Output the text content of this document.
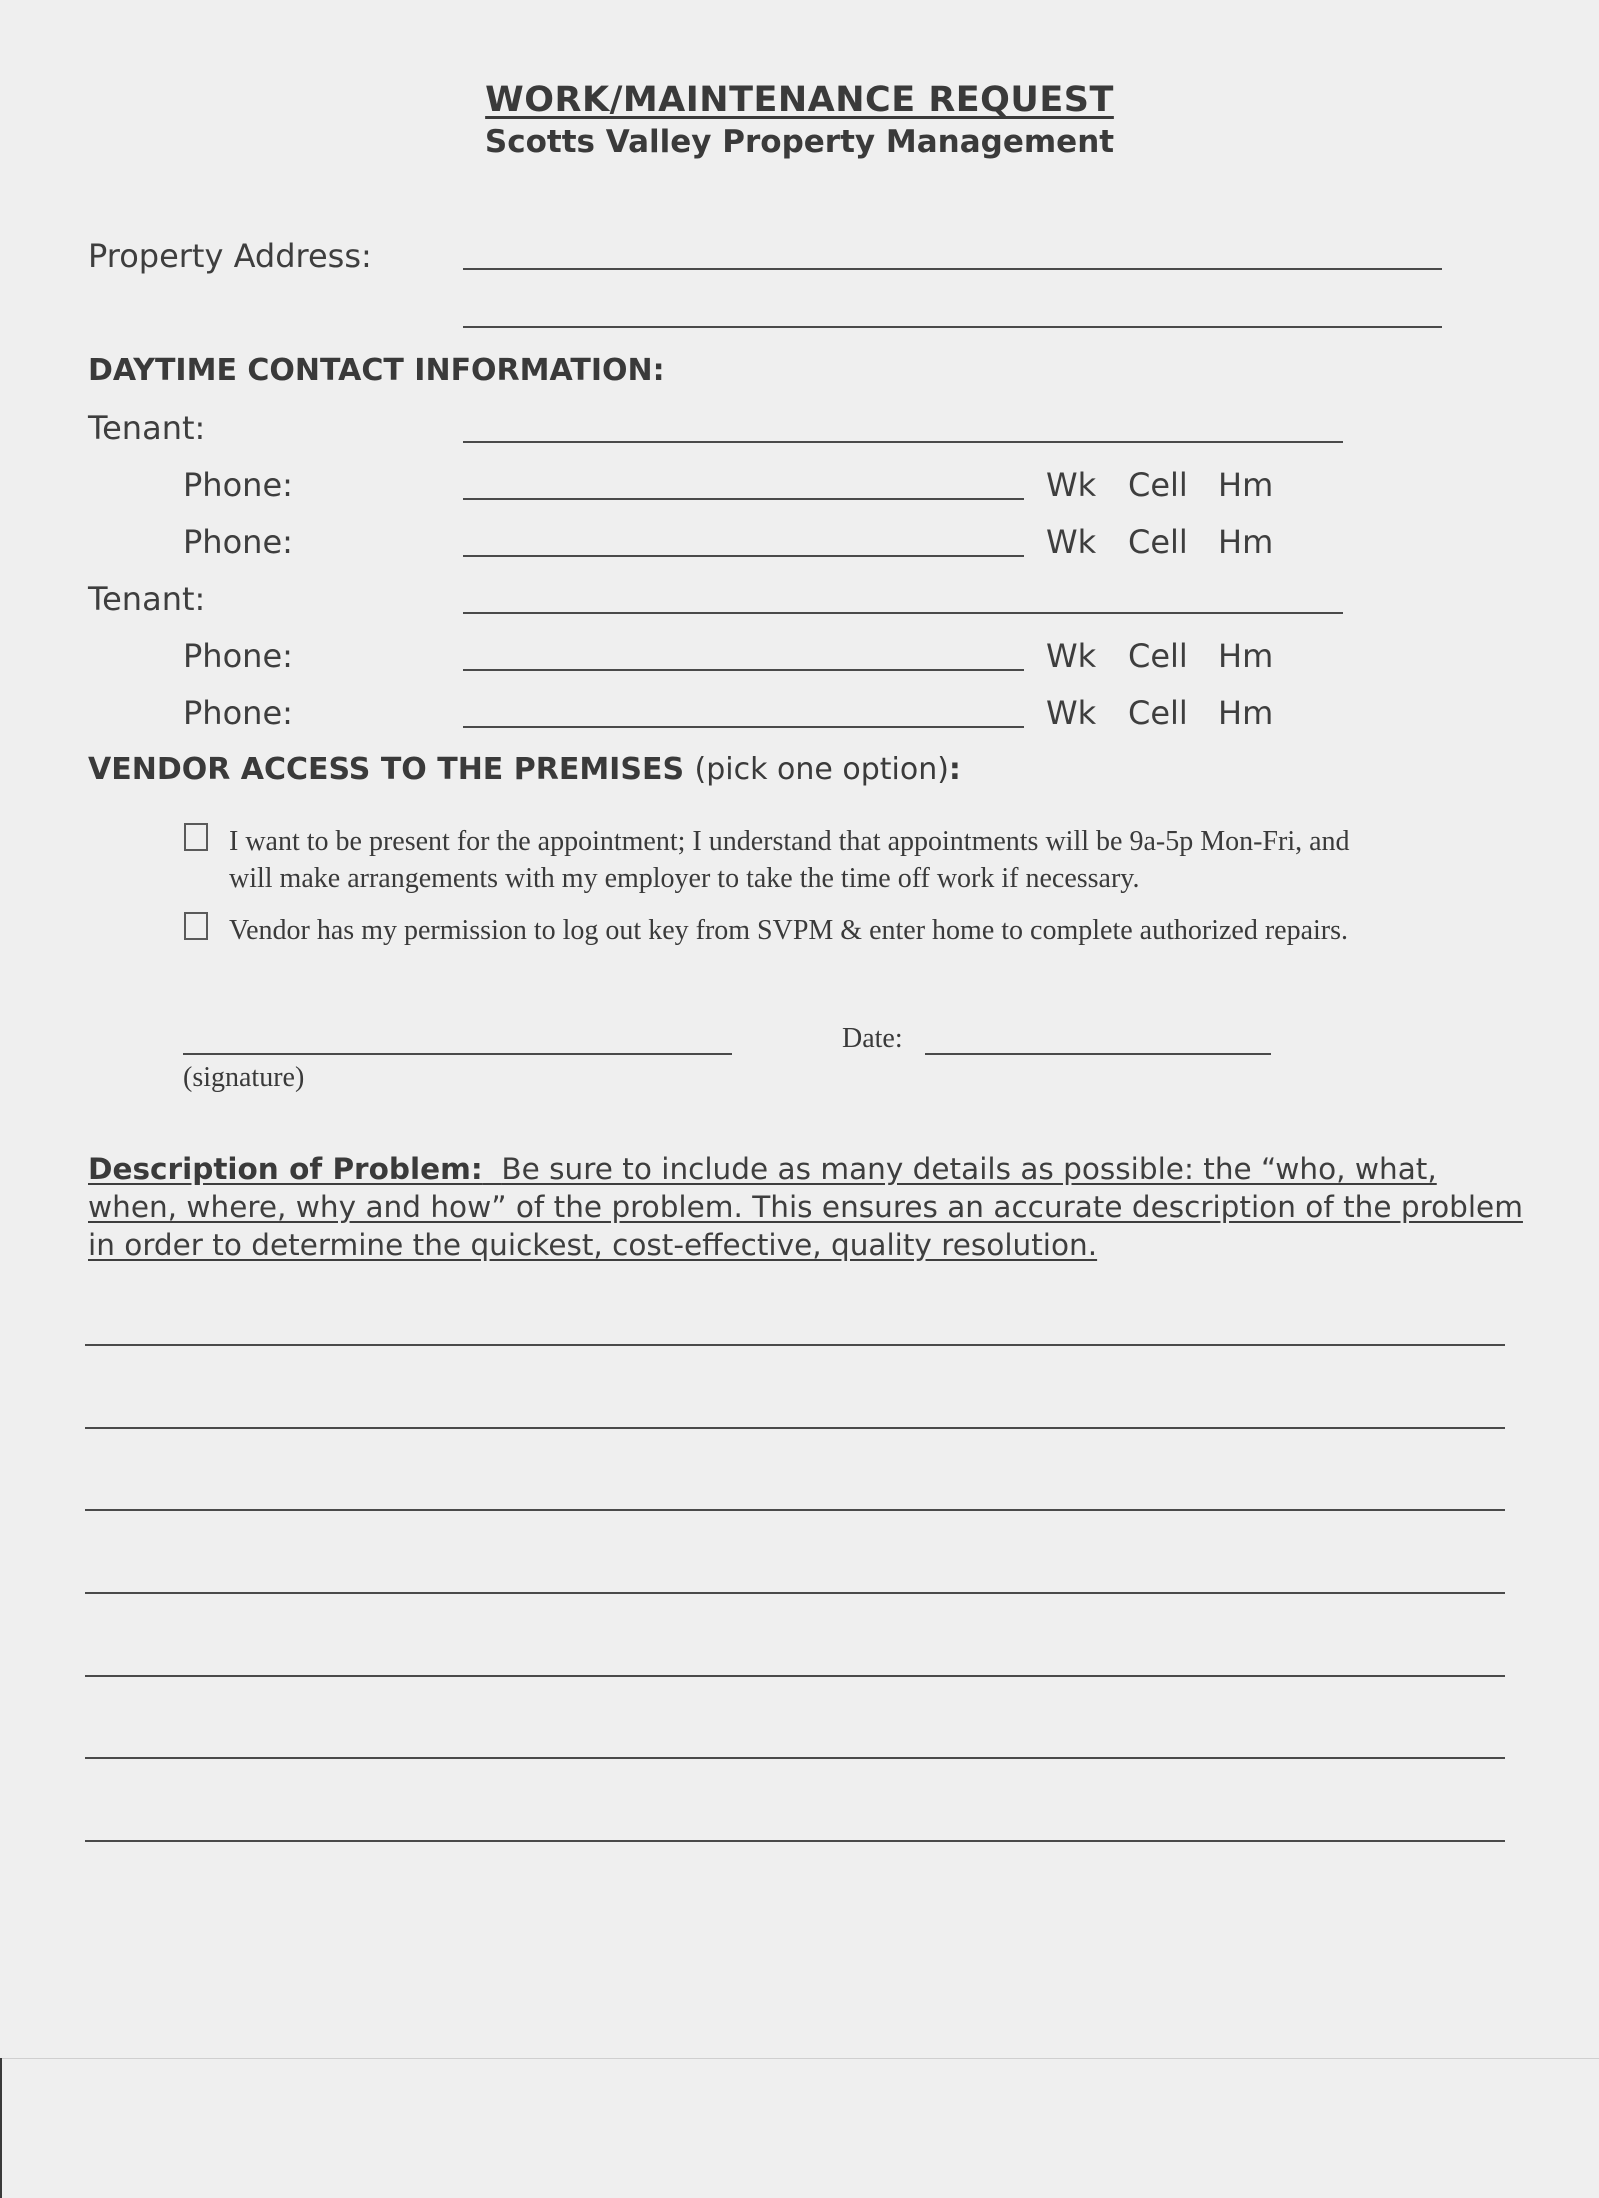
WORK/MAINTENANCE REQUEST
Scotts Valley Property Management
Property Address:
DAYTIME CONTACT INFORMATION:
Tenant:
Phone:	Wk Cell Hm
Phone:	Wk Cell Hm
Tenant:
Phone:	Wk Cell Hm
Phone:	Wk Cell Hm
VENDOR ACCESS TO THE PREMISES (pick one option):
I want to be present for the appointment; I understand that appointments will be 9a-5p Mon-Fri, and
will make arrangements with my employer to take the time off work if necessary.
Vendor has my permission to log out key from SVPM & enter home to complete authorized repairs.
(signature)
Date:
Description of Problem: Be sure to include as many details as possible: the “who, what, when, where, why and how” of the problem. This ensures an accurate description of the problem in order to determine the quickest, cost-effective, quality resolution.
